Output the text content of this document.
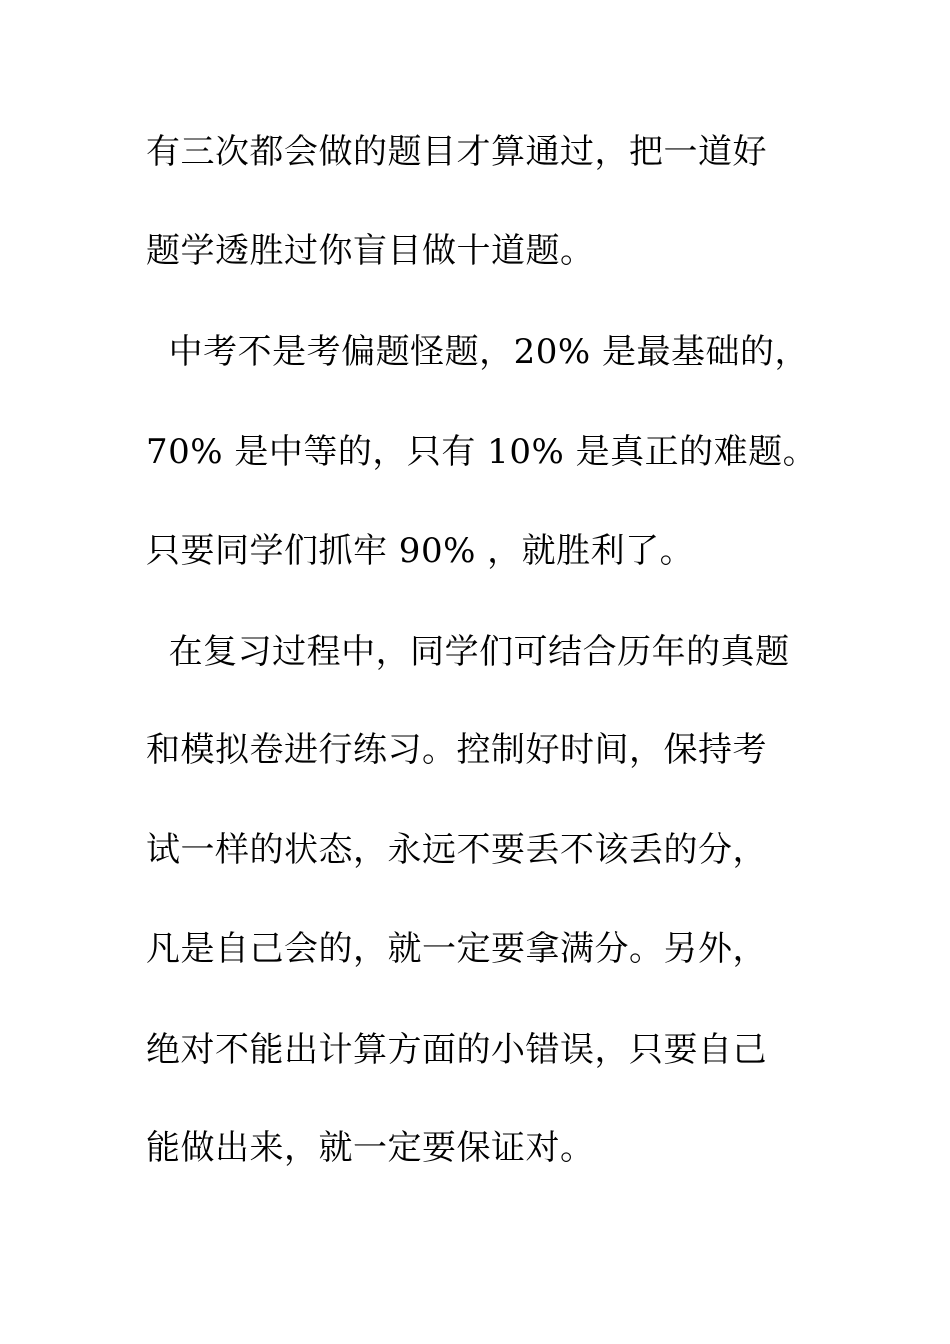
有三次都会做的题目才算通过，把一道好
题学透胜过你盲目做十道题。
中考不是考偏题怪题，20% 是最基础的，
70% 是中等的，只有 10% 是真正的难题。
只要同学们抓牢 90% ，就胜利了。
在复习过程中，同学们可结合历年的真题
和模拟卷进行练习。控制好时间，保持考
试一样的状态，永远不要丢不该丢的分，
凡是自己会的，就一定要拿满分。另外，
绝对不能出计算方面的小错误，只要自己
能做出来，就一定要保证对。
